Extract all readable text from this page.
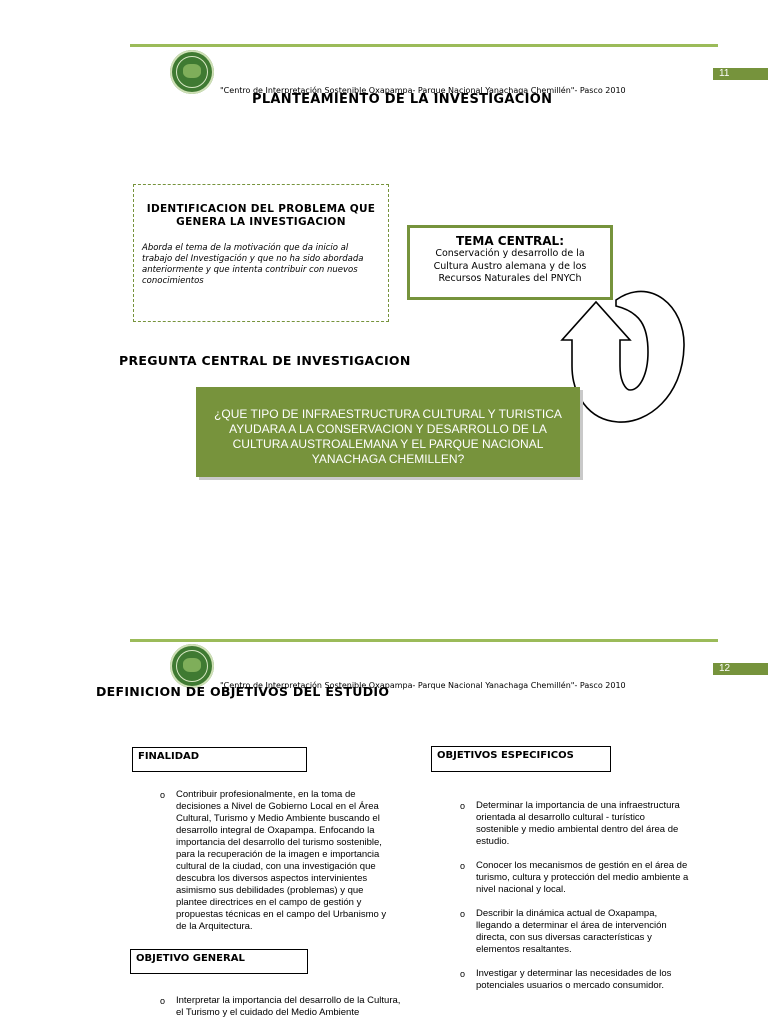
11
"Centro de Interpretación Sostenible Oxapampa- Parque Nacional Yanachaga Chemillén"- Pasco 2010
PLANTEAMIENTO DE LA INVESTIGACION
IDENTIFICACION DEL PROBLEMA QUE GENERA LA INVESTIGACION
Aborda el tema de la motivación que da inicio al trabajo del Investigación y que no ha sido abordada anteriormente y que intenta contribuir con nuevos conocimientos
TEMA CENTRAL:
Conservación y desarrollo de la Cultura Austro alemana y de los Recursos Naturales del PNYCh
PREGUNTA CENTRAL DE INVESTIGACION
¿QUE TIPO DE INFRAESTRUCTURA CULTURAL Y TURISTICA AYUDARA A LA CONSERVACION Y DESARROLLO DE LA CULTURA AUSTROALEMANA Y EL PARQUE NACIONAL YANACHAGA CHEMILLEN?
12
"Centro de Interpretación Sostenible Oxapampa- Parque Nacional Yanachaga Chemillén"- Pasco 2010
DEFINICION DE OBJETIVOS DEL ESTUDIO
FINALIDAD
o Contribuir profesionalmente, en la toma de decisiones a Nivel de Gobierno Local en el Área Cultural, Turismo y Medio Ambiente buscando el desarrollo integral de Oxapampa. Enfocando la importancia del desarrollo del turismo sostenible, para la recuperación de la imagen e importancia cultural de la ciudad, con una investigación que descubra los diversos aspectos intervinientes asimismo sus debilidades (problemas) y que plantee directrices en el campo de gestión y propuestas técnicas en el campo del Urbanismo y de la Arquitectura.
OBJETIVO GENERAL
o Interpretar la importancia del desarrollo de la Cultura, el Turismo y el cuidado del Medio Ambiente
OBJETIVOS ESPECIFICOS
o Determinar la importancia de una infraestructura orientada al desarrollo cultural - turístico sostenible y medio ambiental dentro del área de estudio.
o Conocer los mecanismos de gestión en el área de turismo, cultura y protección del medio ambiente a nivel nacional y local.
o Describir la dinámica actual de Oxapampa, llegando a determinar el área de intervención directa, con sus diversas características y elementos resaltantes.
o Investigar y determinar las necesidades de los potenciales usuarios o mercado consumidor.
